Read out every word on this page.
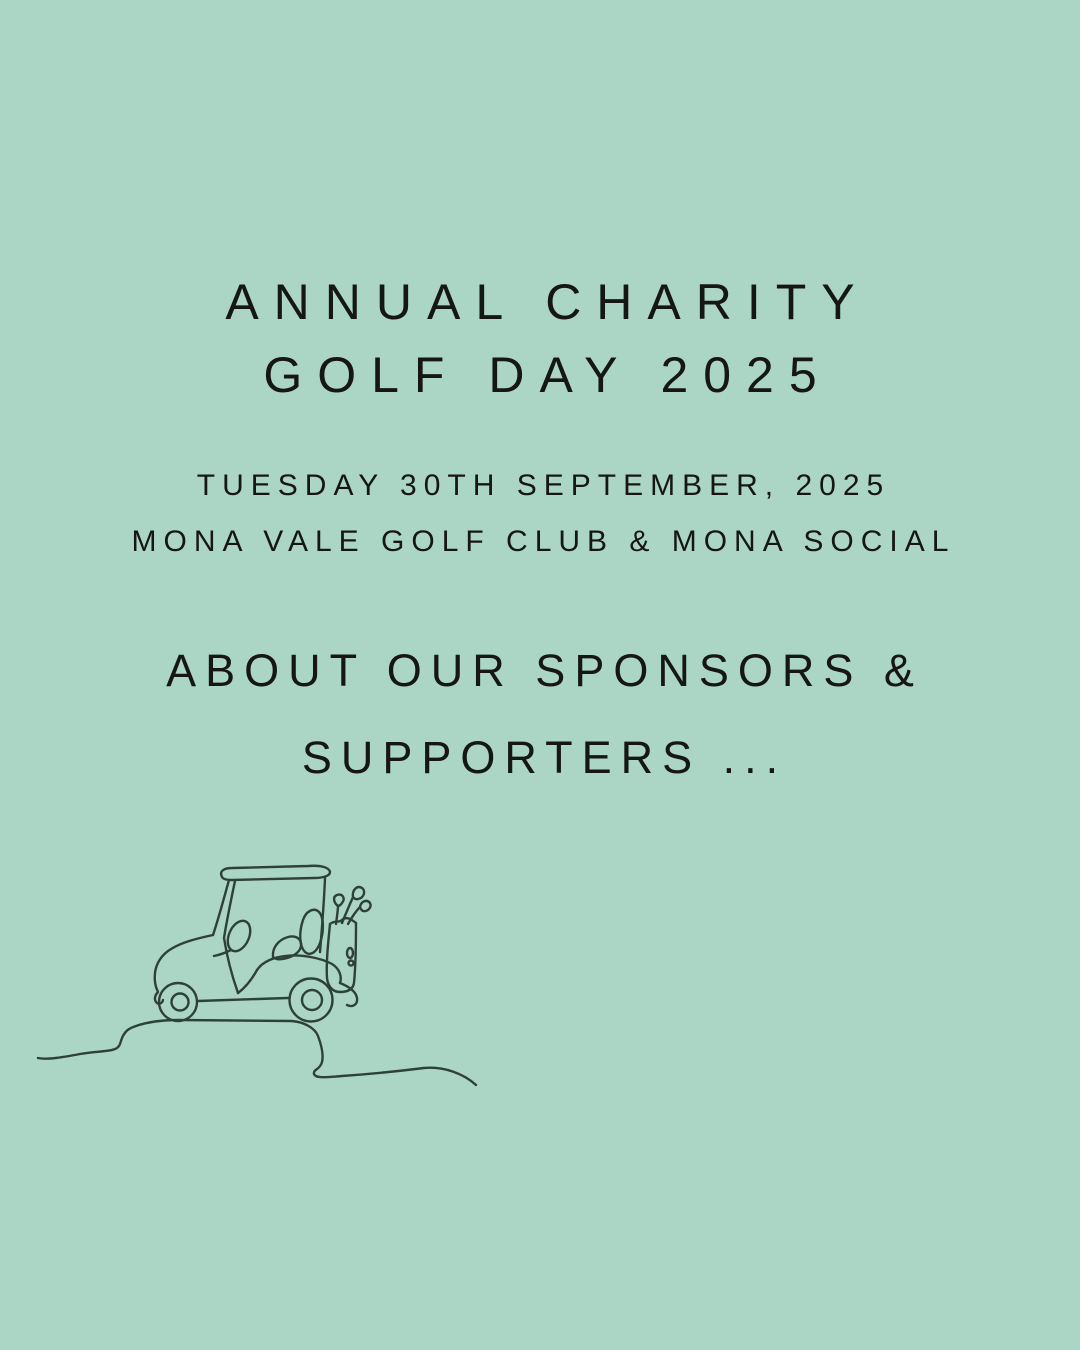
ANNUAL CHARITY
GOLF DAY 2025
TUESDAY 30TH SEPTEMBER, 2025
MONA VALE GOLF CLUB & MONA SOCIAL
ABOUT OUR SPONSORS &
SUPPORTERS ...
